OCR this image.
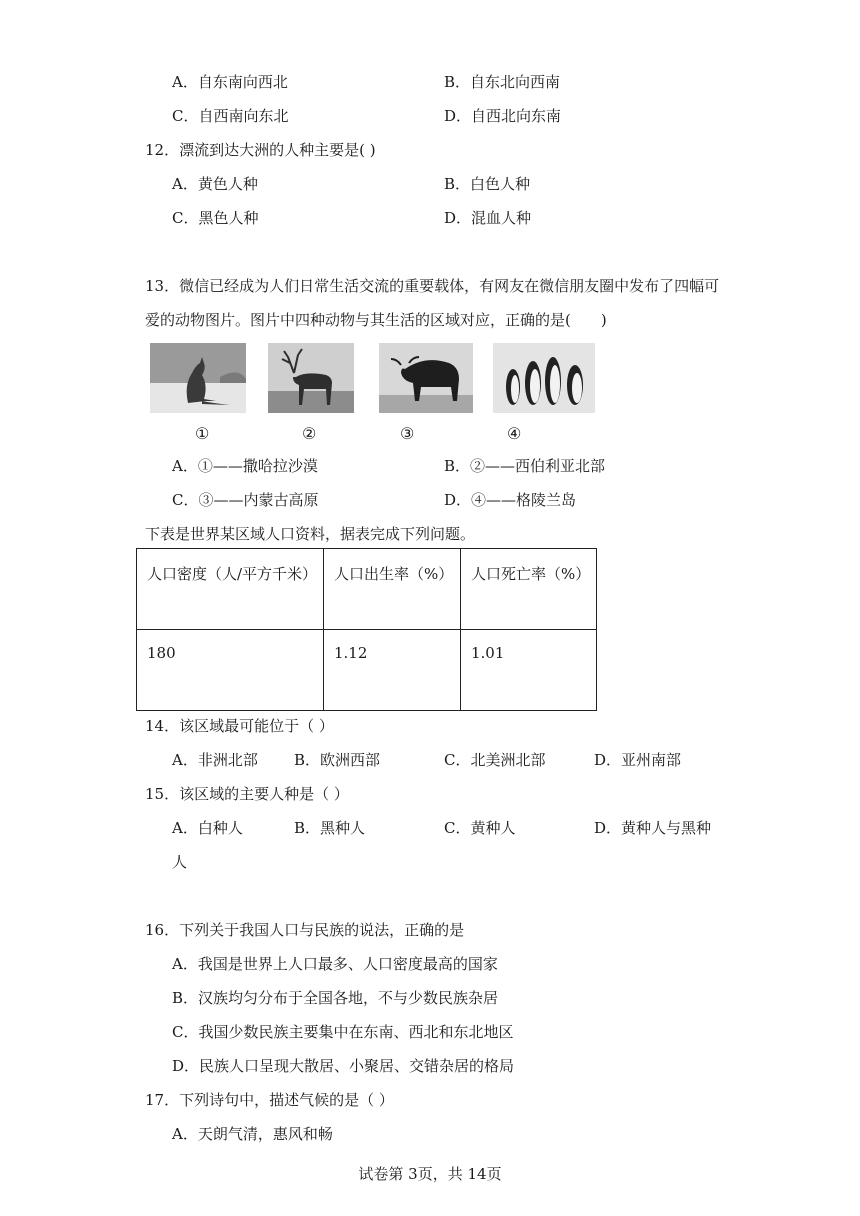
A．自东南向西北	B．自东北向西南
C．自西南向东北	D．自西北向东南
12．漂流到达大洲的人种主要是( )
A．黄色人种	B．白色人种
C．黑色人种	D．混血人种
13．微信已经成为人们日常生活交流的重要载体，有网友在微信朋友圈中发布了四幅可
爱的动物图片。图片中四种动物与其生活的区域对应，正确的是(　　)
①	②	③	④
A．①——撒哈拉沙漠	B．②——西伯利亚北部
C．③——内蒙古高原	D．④——格陵兰岛
下表是世界某区域人口资料，据表完成下列问题。
人口密度（人/平方千米）	人口出生率（%）	人口死亡率（%）
180	1.12	1.01
14．该区域最可能位于（ ）
A．非洲北部 B．欧洲西部	C．北美洲北部	D．亚州南部
15．该区域的主要人种是（ ）
A．白种人	B．黑种人	C．黄种人	D．黄种人与黑种
人
16．下列关于我国人口与民族的说法，正确的是
A．我国是世界上人口最多、人口密度最高的国家
B．汉族均匀分布于全国各地，不与少数民族杂居
C．我国少数民族主要集中在东南、西北和东北地区
D．民族人口呈现大散居、小聚居、交错杂居的格局
17．下列诗句中，描述气候的是（ ）
A．天朗气清，惠风和畅
试卷第 3页，共 14页
